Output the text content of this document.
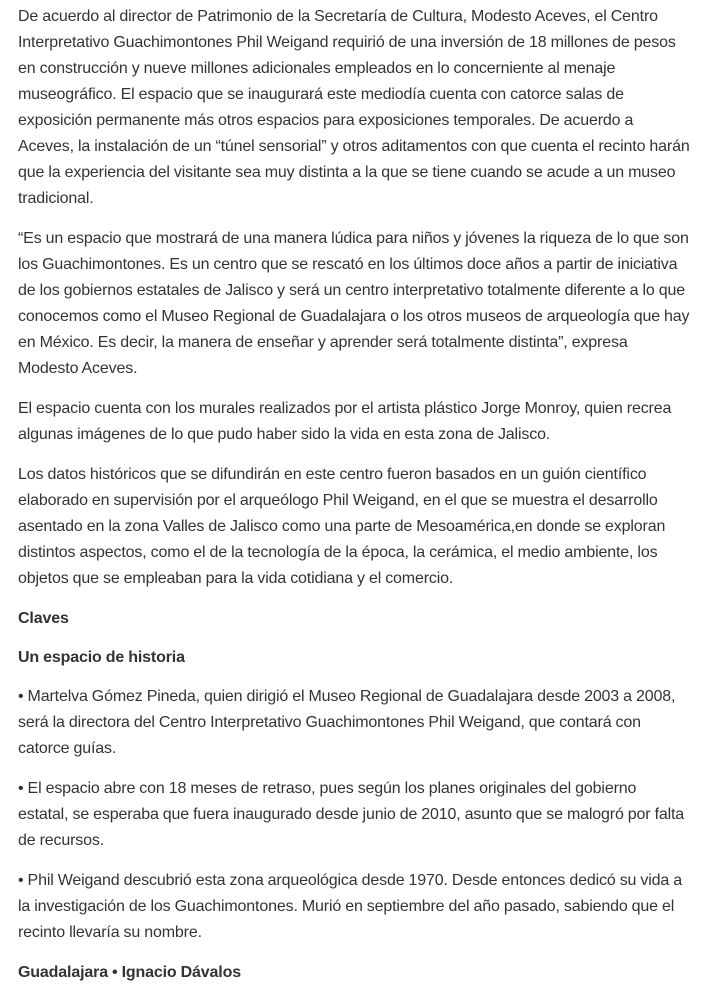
De acuerdo al director de Patrimonio de la Secretaría de Cultura, Modesto Aceves, el Centro Interpretativo Guachimontones Phil Weigand requirió de una inversión de 18 millones de pesos en construcción y nueve millones adicionales empleados en lo concerniente al menaje museográfico. El espacio que se inaugurará este mediodía cuenta con catorce salas de exposición permanente más otros espacios para exposiciones temporales. De acuerdo a Aceves, la instalación de un “túnel sensorial” y otros aditamentos con que cuenta el recinto harán que la experiencia del visitante sea muy distinta a la que se tiene cuando se acude a un museo tradicional.

“Es un espacio que mostrará de una manera lúdica para niños y jóvenes la riqueza de lo que son los Guachimontones. Es un centro que se rescató en los últimos doce años a partir de iniciativa de los gobiernos estatales de Jalisco y será un centro interpretativo totalmente diferente a lo que conocemos como el Museo Regional de Guadalajara o los otros museos de arqueología que hay en México. Es decir, la manera de enseñar y aprender será totalmente distinta”, expresa Modesto Aceves.

El espacio cuenta con los murales realizados por el artista plástico Jorge Monroy, quien recrea algunas imágenes de lo que pudo haber sido la vida en esta zona de Jalisco.

Los datos históricos que se difundirán en este centro fueron basados en un guión científico elaborado en supervisión por el arqueólogo Phil Weigand, en el que se muestra el desarrollo asentado en la zona Valles de Jalisco como una parte de Mesoamérica,en donde se exploran distintos aspectos, como el de la tecnología de la época, la cerámica, el medio ambiente, los objetos que se empleaban para la vida cotidiana y el comercio.

Claves

Un espacio de historia

• Martelva Gómez Pineda, quien dirigió el Museo Regional de Guadalajara desde 2003 a 2008, será la directora del Centro Interpretativo Guachimontones Phil Weigand, que contará con catorce guías.

• El espacio abre con 18 meses de retraso, pues según los planes originales del gobierno estatal, se esperaba que fuera inaugurado desde junio de 2010, asunto que se malogró por falta de recursos.

• Phil Weigand descubrió esta zona arqueológica desde 1970. Desde entonces dedicó su vida a la investigación de los Guachimontones. Murió en septiembre del año pasado, sabiendo que el recinto llevaría su nombre.

Guadalajara • Ignacio Dávalos
